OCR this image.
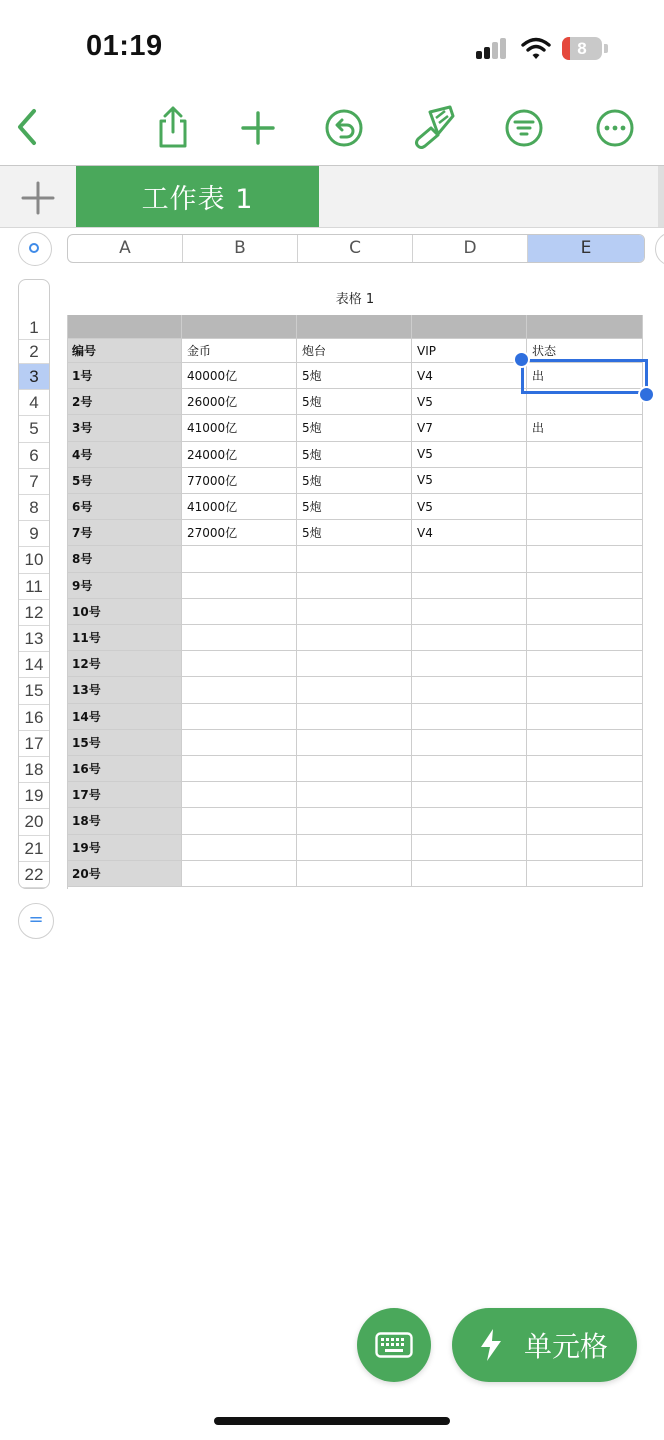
01:19	8
工作表 1
A	B	C	D	E
1
2
3
4
5
6
7
8
9
10
11
12
13
14
15
16
17
18
19
20
21
22
=
表格 1
编号	金币	炮台	VIP	状态
1号	40000亿	5炮	V4	出
2号	26000亿	5炮	V5
3号	41000亿	5炮	V7	出
4号	24000亿	5炮	V5
5号	77000亿	5炮	V5
6号	41000亿	5炮	V5
7号	27000亿	5炮	V4
8号
9号
10号
11号
12号
13号
14号
15号
16号
17号
18号
19号
20号
单元格
